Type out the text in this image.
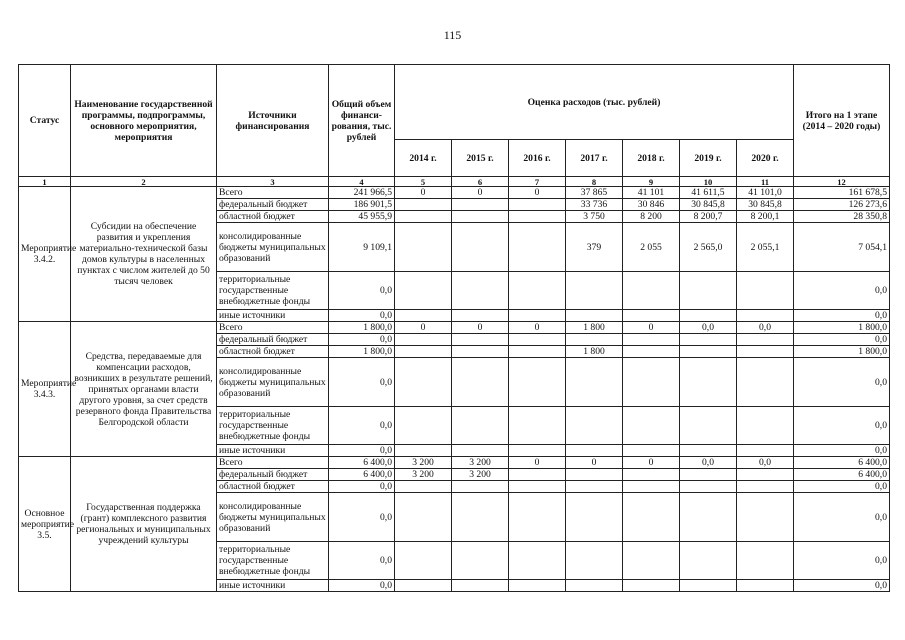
115
Статус	Наименование государственной программы, подпрограммы, основного мероприятия, мероприятия	Источники финансирования	Общий объем финанси-рования, тыс. рублей	Оценка расходов (тыс. рублей)							Итого на 1 этапе (2014 – 2020 годы)
				2014 г.	2015 г.	2016 г.	2017 г.	2018 г.	2019 г.	2020 г.	
1	2	3	4	5	6	7	8	9	10	11	12
Мероприятие 3.4.2.	Субсидии на обеспечение развития и укрепления материально-технической базы домов культуры в населенных пунктах с числом жителей до 50 тысяч человек	Всего	241 966,5	0	0	0	37 865	41 101	41 611,5	41 101,0	161 678,5
		федеральный бюджет	186 901,5				33 736	30 846	30 845,8	30 845,8	126 273,6
		областной бюджет	45 955,9				3 750	8 200	8 200,7	8 200,1	28 350,8
		консолидированные бюджеты муниципальных образований	9 109,1				379	2 055	2 565,0	2 055,1	7 054,1
		территориальные государственные внебюджетные фонды	0,0								0,0
		иные источники	0,0								0,0
Мероприятие 3.4.3.	Средства, передаваемые для компенсации расходов, возникших в результате решений, принятых органами власти другого уровня, за счет средств резервного фонда Правительства Белгородской области	Всего	1 800,0	0	0	0	1 800	0	0,0	0,0	1 800,0
		федеральный бюджет	0,0								0,0
		областной бюджет	1 800,0				1 800				1 800,0
		консолидированные бюджеты муниципальных образований	0,0								0,0
		территориальные государственные внебюджетные фонды	0,0								0,0
		иные источники	0,0								0,0
Основное мероприятие 3.5.	Государственная поддержка (грант) комплексного развития региональных и муниципальных учреждений культуры	Всего	6 400,0	3 200	3 200	0	0	0	0,0	0,0	6 400,0
		федеральный бюджет	6 400,0	3 200	3 200						6 400,0
		областной бюджет	0,0								0,0
		консолидированные бюджеты муниципальных образований	0,0								0,0
		территориальные государственные внебюджетные фонды	0,0								0,0
		иные источники	0,0								0,0
